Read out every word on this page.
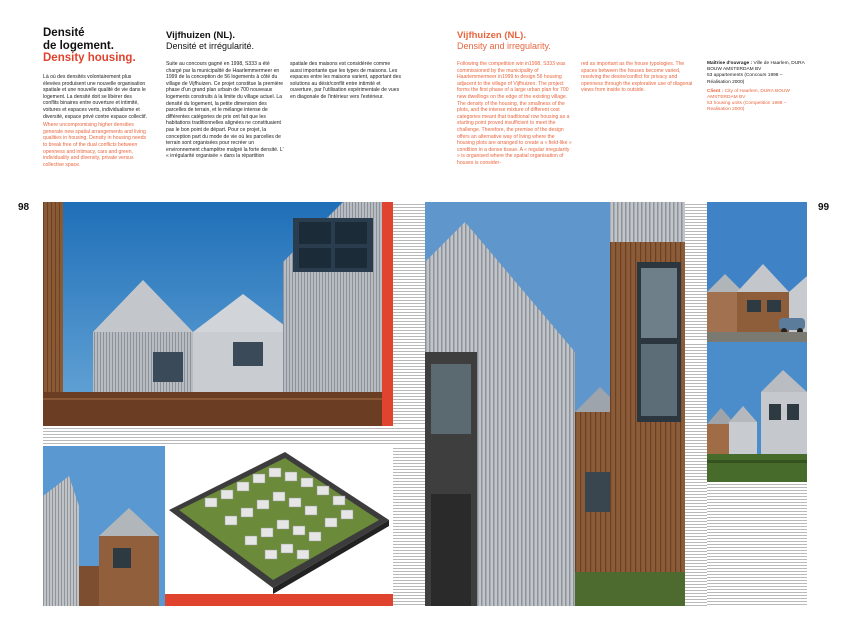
Densité
de logement.
Density housing.

Là où des densités volontairement plus élevées produisent une nouvelle organisation spatiale et une nouvelle qualité de vie dans le logement. La densité doit se libérer des conflits binaires entre ouverture et intimité, voitures et espaces verts, individualisme et diversité, espace privé contre espace collectif.

Where uncompromising higher densities generate new spatial arrangements and living qualities in housing. Density in housing needs to break free of the dual conflicts between openness and intimacy, cars and green, individuality and diversity, private versus collective space.

Vijfhuizen (NL).
Densité et irrégularité.

Suite au concours gagné en 1998, S333 a été chargé par la municipalité de Haarlemmermeer en 1999 de la conception de 56 logements à côté du village de Vijfhuizen. Ce projet constitue la première phase d'un grand plan urbain de 700 nouveaux logements construits à la limite du village actuel. La densité du logement, la petite dimension des parcelles de terrain, et le mélange intense de différentes catégories de prix ont fait que les habitations traditionnelles alignées ne constituaient pas le bon point de départ. Pour ce projet, la conception part du mode de vie où les parcelles de terrain sont organisées pour recréer un environnement champêtre malgré la forte densité. L' « irrégularité organisée » dans la répartition

spatiale des maisons est considérée comme aussi importante que les types de maisons. Les espaces entre les maisons varient, apportant des solutions au désir/conflit entre intimité et ouverture, par l'utilisation expérimentale de vues en diagonale de l'intérieur vers l'extérieur.

Vijfhuizen (NL).
Density and irregularity.

Following the competition win in1998, S333 was commissioned by the municipality of Haarlemmermeer in1999 to design 56 housing adjacent to the village of Vijfhuizen. The project forms the first phase of a large urban plan for 700 new dwellings on the edge of the existing village. The density of the housing, the smallness of the plots, and the intense mixture of different cost categories meant that traditional row housing as a starting point proved insufficient to meet the challenge. Therefore, the premise of the design offers an alternative way of living where the housing plots are arranged to create a « field-like » condition in a dense tissue. A « regular irregularity » is organised where the spatial organisation of houses is consider-

red as important as the house typologies. The spaces between the houses become varied, resolving the desire/conflict for privacy and openness through the explorative use of diagonal views from inside to outside.

Maîtrise d'ouvrage : Ville de Haarlem, DURA BOUW AMSTERDAM BV

53 appartements (Concours 1998 – Réalisation 2000)

Client : City of Haarlem, DURA BOUW AMSTERDAM BV

53 housing units (Competition 1998 – Realisation 2000)

98	99
